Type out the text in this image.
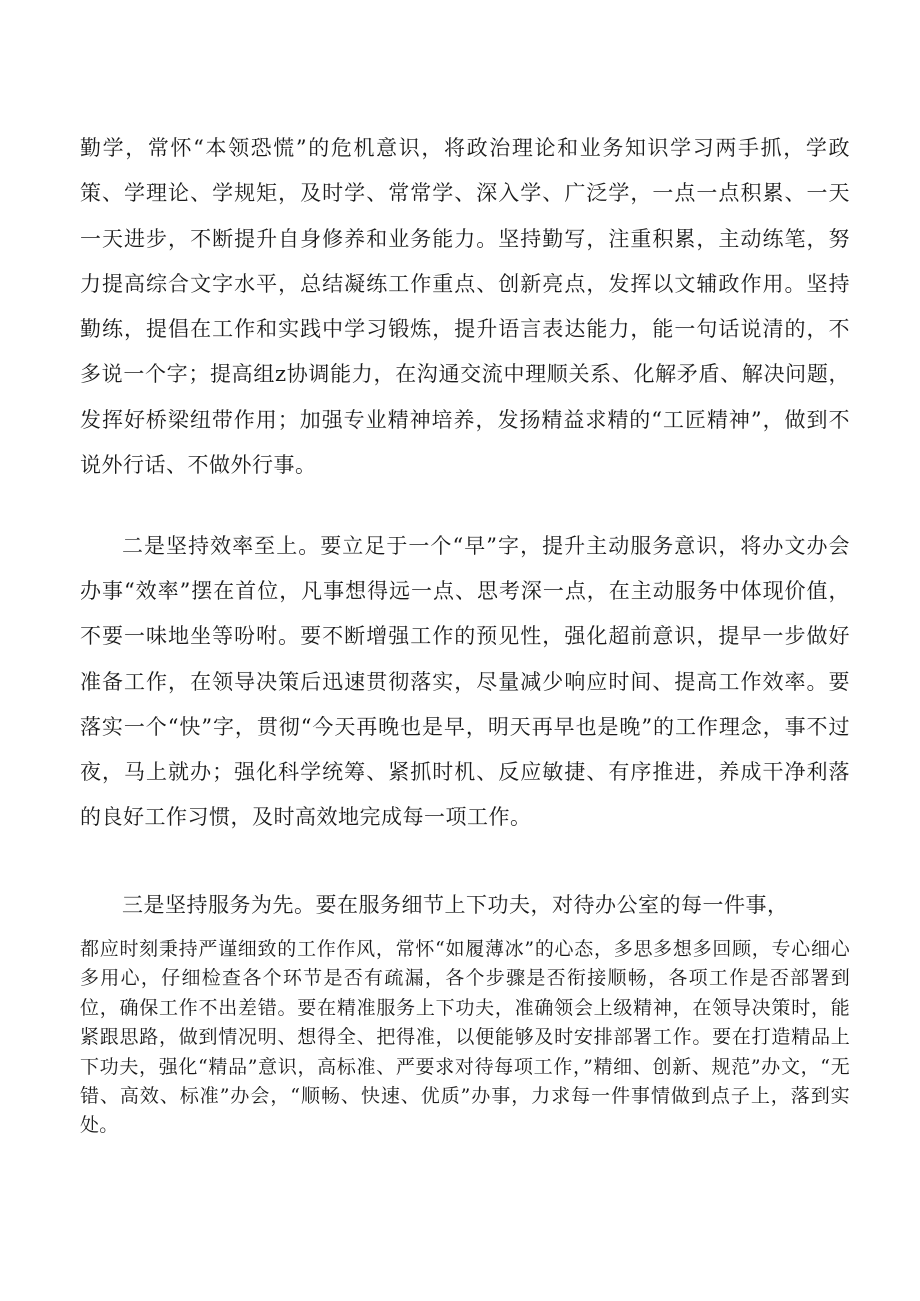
勤学，常怀“本领恐慌”的危机意识，将政治理论和业务知识学习两手抓，学政策、学理论、学规矩，及时学、常常学、深入学、广泛学，一点一点积累、一天一天进步，不断提升自身修养和业务能力。坚持勤写，注重积累，主动练笔，努力提高综合文字水平，总结凝练工作重点、创新亮点，发挥以文辅政作用。坚持勤练，提倡在工作和实践中学习锻炼，提升语言表达能力，能一句话说清的，不多说一个字；提高组z协调能力，在沟通交流中理顺关系、化解矛盾、解决问题，发挥好桥梁纽带作用；加强专业精神培养，发扬精益求精的“工匠精神”，做到不说外行话、不做外行事。

二是坚持效率至上。要立足于一个“早”字，提升主动服务意识，将办文办会办事“效率”摆在首位，凡事想得远一点、思考深一点，在主动服务中体现价值，不要一味地坐等吩咐。要不断增强工作的预见性，强化超前意识，提早一步做好准备工作，在领导决策后迅速贯彻落实，尽量减少响应时间、提高工作效率。要落实一个“快”字，贯彻“今天再晚也是早，明天再早也是晚”的工作理念，事不过夜，马上就办；强化科学统筹、紧抓时机、反应敏捷、有序推进，养成干净利落的良好工作习惯，及时高效地完成每一项工作。

三是坚持服务为先。要在服务细节上下功夫，对待办公室的每一件事，

都应时刻秉持严谨细致的工作作风，常怀“如履薄冰”的心态，多思多想多回顾，专心细心多用心，仔细检查各个环节是否有疏漏，各个步骤是否衔接顺畅，各项工作是否部署到位，确保工作不出差错。要在精准服务上下功夫，准确领会上级精神，在领导决策时，能紧跟思路，做到情况明、想得全、把得准，以便能够及时安排部署工作。要在打造精品上下功夫，强化“精品”意识，高标准、严要求对待每项工作，”精细、创新、规范”办文，“无错、高效、标准”办会，“顺畅、快速、优质”办事，力求每一件事情做到点子上，落到实处。
